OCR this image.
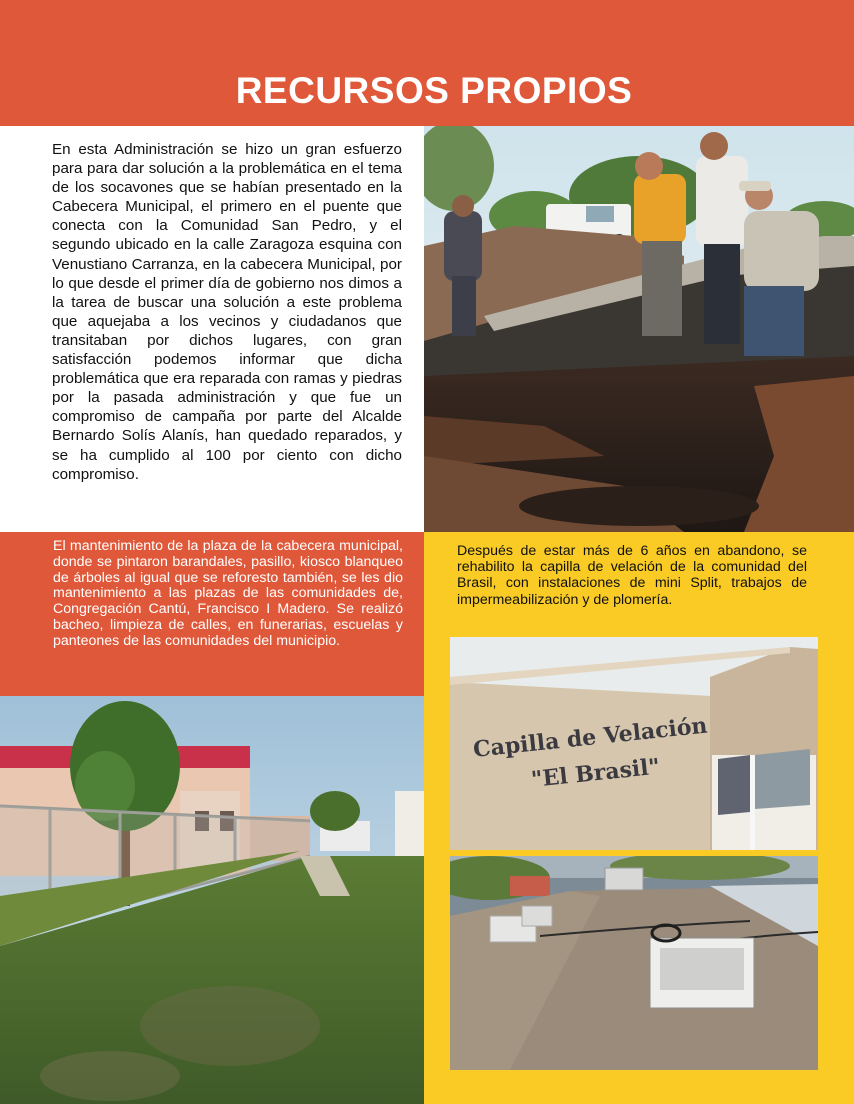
RECURSOS PROPIOS

En esta Administración se hizo un gran esfuerzo para para dar solución a la problemática en el tema de los socavones que se habían presentado en la Cabecera Municipal, el primero en el puente que conecta con la Comunidad San Pedro, y el segundo ubicado en la calle Zaragoza esquina con Venustiano Carranza, en la cabecera Municipal, por lo que desde el primer día de gobierno nos dimos a la tarea de buscar una solución a este problema que aquejaba a los vecinos y ciudadanos que transitaban por dichos lugares, con gran satisfacción podemos informar que dicha problemática que era reparada con ramas y piedras por la pasada administración y que fue un compromiso de campaña por parte del Alcalde Bernardo Solís Alanís, han quedado reparados, y se ha cumplido al 100 por ciento con dicho compromiso.

El mantenimiento de la plaza de la cabecera municipal, donde se pintaron barandales, pasillo, kiosco blanqueo de árboles al igual que se reforesto también, se les dio mantenimiento a las plazas de las comunidades de, Congregación Cantú, Francisco I Madero. Se realizó bacheo, limpieza de calles, en funerarias, escuelas y panteones de las comunidades del municipio.

Después de estar más de 6 años en abandono, se rehabilito la capilla de velación de la comunidad del Brasil, con instalaciones de mini Split, trabajos de impermeabilización y de plomería.

Capilla de Velación
"El Brasil"
